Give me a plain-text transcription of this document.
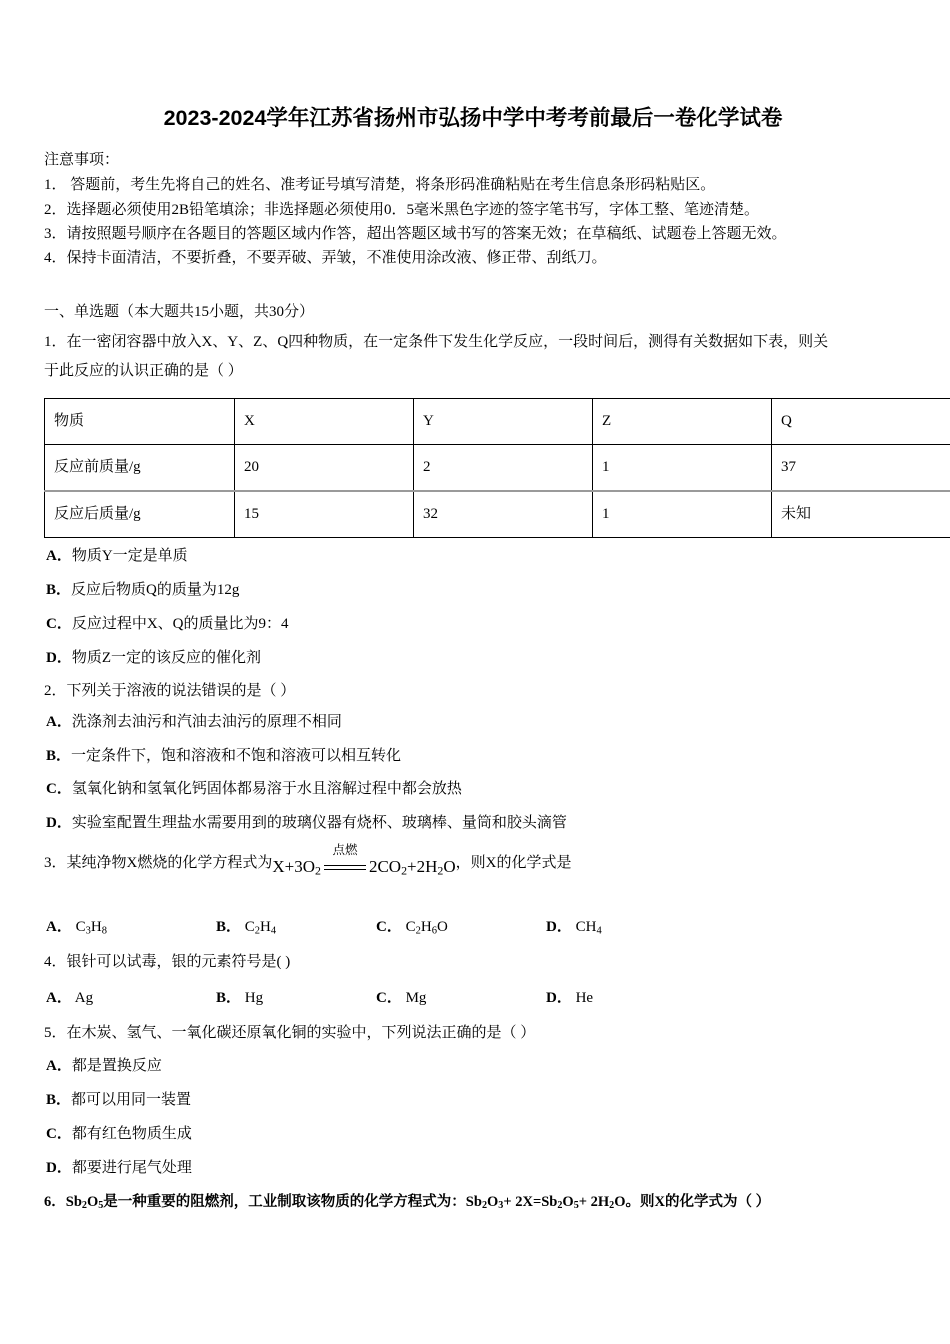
2023-2024学年江苏省扬州市弘扬中学中考考前最后一卷化学试卷
注意事项：
1． 答题前，考生先将自己的姓名、准考证号填写清楚，将条形码准确粘贴在考生信息条形码粘贴区。
2．选择题必须使用2B铅笔填涂；非选择题必须使用0．5毫米黑色字迹的签字笔书写，字体工整、笔迹清楚。
3．请按照题号顺序在各题目的答题区域内作答，超出答题区域书写的答案无效；在草稿纸、试题卷上答题无效。
4．保持卡面清洁，不要折叠，不要弄破、弄皱，不准使用涂改液、修正带、刮纸刀。
一、单选题（本大题共15小题，共30分）
1．在一密闭容器中放入X、Y、Z、Q四种物质，在一定条件下发生化学反应，一段时间后，测得有关数据如下表，则关
于此反应的认识正确的是（ ）
物质	X	Y	Z	Q
反应前质量/g	20	2	1	37
反应后质量/g	15	32	1	未知
A．物质Y一定是单质
B．反应后物质Q的质量为12g
C．反应过程中X、Q的质量比为9：4
D．物质Z一定的该反应的催化剂
2．下列关于溶液的说法错误的是（ ）
A．洗涤剂去油污和汽油去油污的原理不相同
B．一定条件下，饱和溶液和不饱和溶液可以相互转化
C．氢氧化钠和氢氧化钙固体都易溶于水且溶解过程中都会放热
D．实验室配置生理盐水需要用到的玻璃仪器有烧杯、玻璃棒、量筒和胶头滴管
3．某纯净物X燃烧的化学方程式为$X+3O_2$
点燃
$2CO_2+2H_2O$，则X的化学式是
A． $C_3H_8$	B． $C_2H_4$	C． $C_2H_6O$	D． $CH_4$
4．银针可以试毒，银的元素符号是( )
A． Ag	B． Hg	C． Mg	D． He
5．在木炭、氢气、一氧化碳还原氧化铜的实验中，下列说法正确的是（ ）
A．都是置换反应
B．都可以用同一装置
C．都有红色物质生成
D．都要进行尾气处理
6．$Sb_2O_5$是一种重要的阻燃剂，工业制取该物质的化学方程式为：$Sb_2O_3+ 2X=Sb_2O_5+ 2H_2O$。则X的化学式为（ ）
